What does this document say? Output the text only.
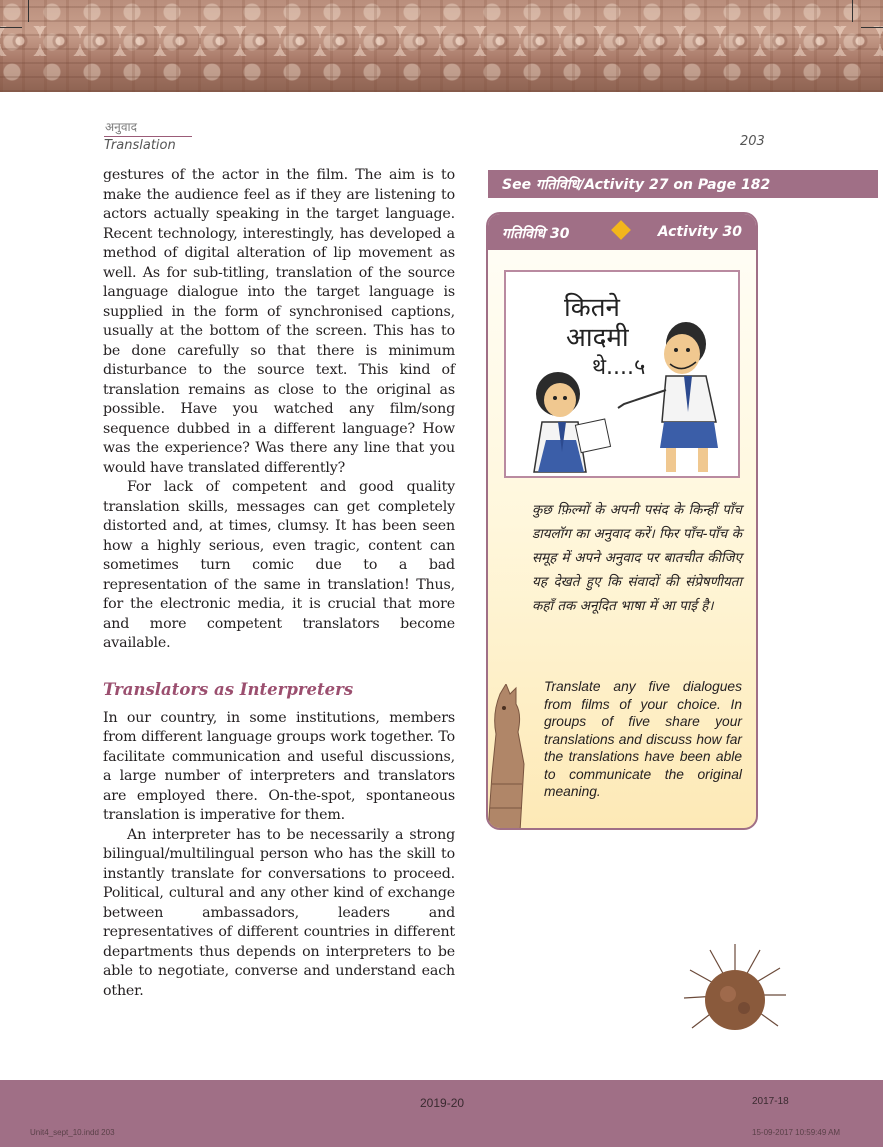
अनुवाद
Translation	203

gestures of the actor in the film. The aim is to make the audience feel as if they are listening to actors actually speaking in the target language. Recent technology, interestingly, has developed a method of digital alteration of lip movement as well. As for sub-titling, translation of the source language dialogue into the target language is supplied in the form of synchronised captions, usually at the bottom of the screen. This has to be done carefully so that there is minimum disturbance to the source text. This kind of translation remains as close to the original as possible. Have you watched any film/song sequence dubbed in a different language? How was the experience? Was there any line that you would have translated differently?

For lack of competent and good quality translation skills, messages can get completely distorted and, at times, clumsy. It has been seen how a highly serious, even tragic, content can sometimes turn comic due to a bad representation of the same in translation! Thus, for the electronic media, it is crucial that more and more competent translators become available.

Translators as Interpreters

In our country, in some institutions, members from different language groups work together. To facilitate communication and useful discussions, a large number of interpreters and translators are employed there. On-the-spot, spontaneous translation is imperative for them.

An interpreter has to be necessarily a strong bilingual/multilingual person who has the skill to instantly translate for conversations to proceed. Political, cultural and any other kind of exchange between ambassadors, leaders and representatives of different countries in different departments thus depends on interpreters to be able to negotiate, converse and understand each other.

See गतिविधि/Activity 27 on Page 182
गतिविधि 30	Activity 30
कितने
आदमी
थे....५

कुछ फ़िल्मों के अपनी पसंद के किन्हीं पाँच डायलॉग का अनुवाद करें। फिर पाँच-पाँच के समूह में अपने अनुवाद पर बातचीत कीजिए यह देखते हुए कि संवादों की संप्रेषणीयता कहाँ तक अनूदित भाषा में आ पाई है।

Translate any five dialogues from films of your choice. In groups of five share your translations and discuss how far the translations have been able to communicate the original meaning.

2019-20	2017-18
Unit4_sept_10.indd 203	15-09-2017 10:59:49 AM
